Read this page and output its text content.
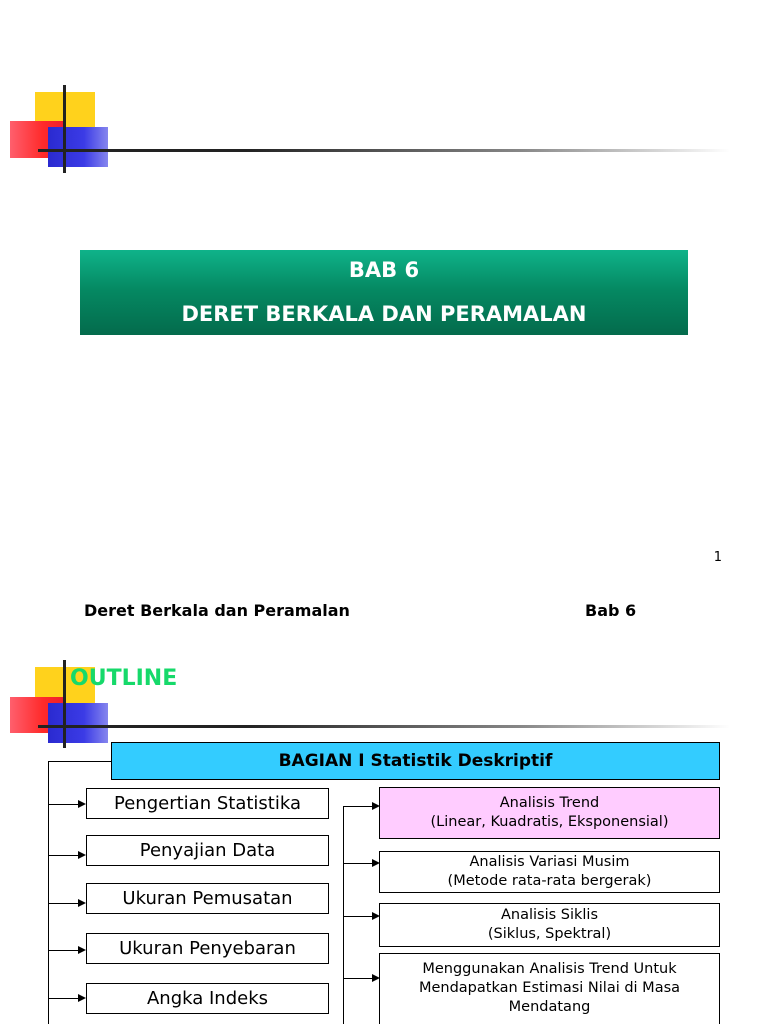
BAB 6
DERET BERKALA DAN PERAMALAN
1
Deret Berkala dan Peramalan	Bab 6
OUTLINE
BAGIAN I Statistik Deskriptif
Pengertian Statistika
Penyajian Data
Ukuran Pemusatan
Ukuran Penyebaran
Angka Indeks
Analisis Trend
(Linear, Kuadratis, Eksponensial)
Analisis Variasi Musim
(Metode rata-rata bergerak)
Analisis Siklis
(Siklus, Spektral)
Menggunakan Analisis Trend Untuk
Mendapatkan Estimasi Nilai di Masa
Mendatang
